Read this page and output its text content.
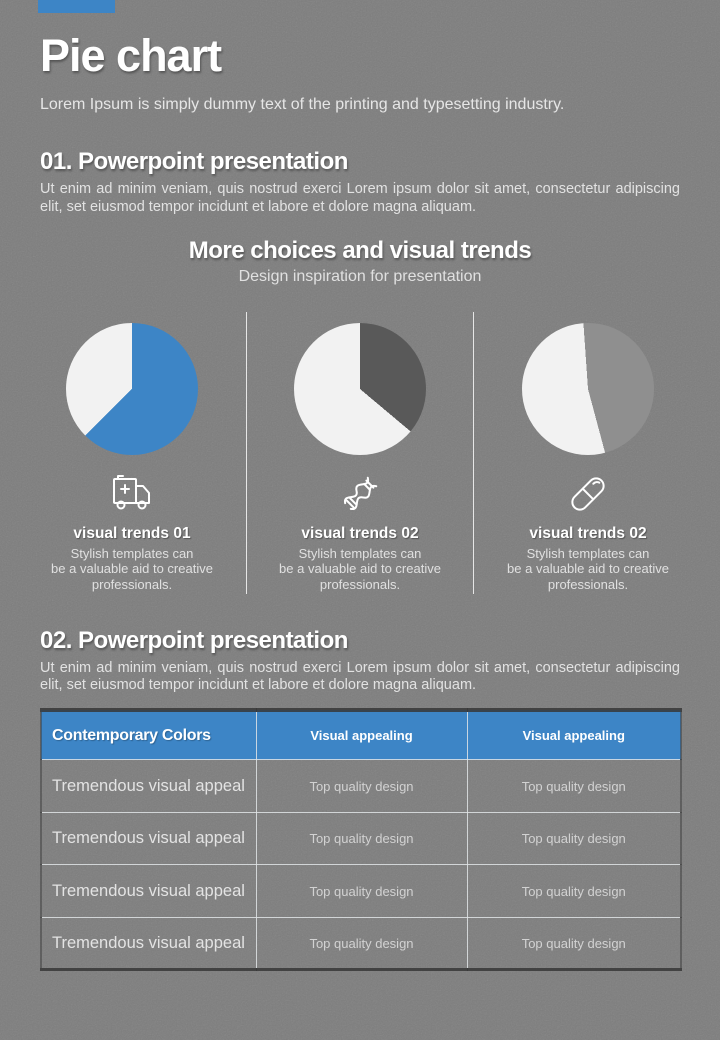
Pie chart
Lorem Ipsum is simply dummy text of the printing and typesetting industry.
01. Powerpoint presentation
Ut enim ad minim veniam, quis nostrud exerci Lorem ipsum dolor sit amet, consectetur adipiscing elit, set eiusmod tempor incidunt et labore et dolore magna aliquam.
More choices and visual trends
Design inspiration for presentation
visual trends 01
Stylish templates can
be a valuable aid to creative
professionals.
visual trends 02
Stylish templates can
be a valuable aid to creative
professionals.
visual trends 02
Stylish templates can
be a valuable aid to creative
professionals.
02. Powerpoint presentation
Ut enim ad minim veniam, quis nostrud exerci Lorem ipsum dolor sit amet, consectetur adipiscing elit, set eiusmod tempor incidunt et labore et dolore magna aliquam.
Contemporary Colors	Visual appealing	Visual appealing
Tremendous visual appeal	Top quality design	Top quality design
Tremendous visual appeal	Top quality design	Top quality design
Tremendous visual appeal	Top quality design	Top quality design
Tremendous visual appeal	Top quality design	Top quality design
